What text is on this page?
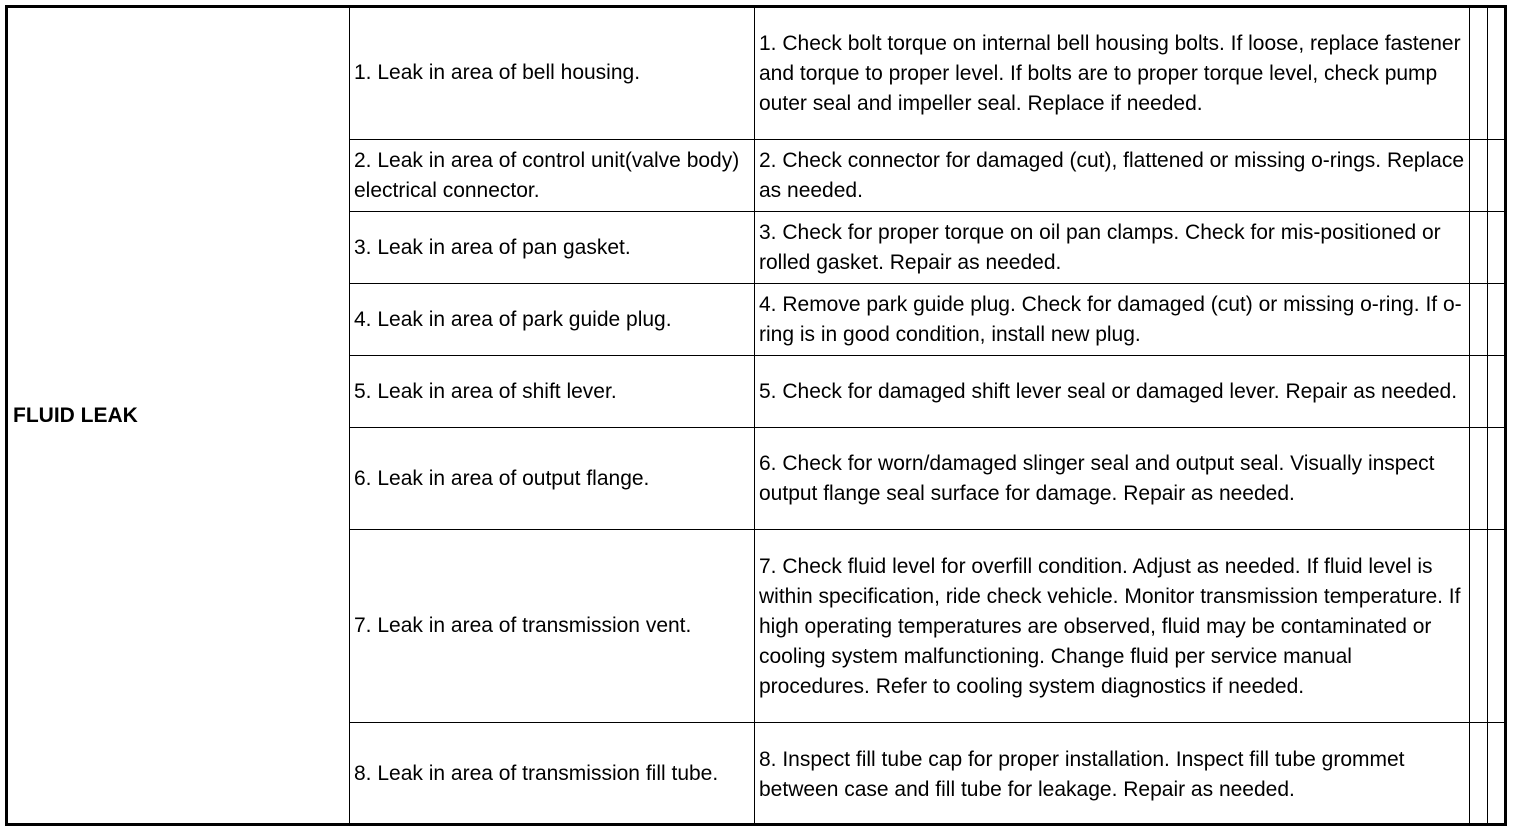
FLUID LEAK	1. Leak in area of bell housing.	1. Check bolt torque on internal bell housing bolts. If loose, replace fastener and torque to proper level. If bolts are to proper torque level, check pump outer seal and impeller seal. Replace if needed.		
	2. Leak in area of control unit(valve body) electrical connector.	2. Check connector for damaged (cut), flattened or missing o-rings. Replace as needed.		
	3. Leak in area of pan gasket.	3. Check for proper torque on oil pan clamps. Check for mis-positioned or rolled gasket. Repair as needed.		
	4. Leak in area of park guide plug.	4. Remove park guide plug. Check for damaged (cut) or missing o-ring. If o-ring is in good condition, install new plug.		
	5. Leak in area of shift lever.	5. Check for damaged shift lever seal or damaged lever. Repair as needed.		
	6. Leak in area of output flange.	6. Check for worn/damaged slinger seal and output seal. Visually inspect output flange seal surface for damage. Repair as needed.		
	7. Leak in area of transmission vent.	7. Check fluid level for overfill condition. Adjust as needed. If fluid level is within specification, ride check vehicle. Monitor transmission temperature. If high operating temperatures are observed, fluid may be contaminated or cooling system malfunctioning. Change fluid per service manual procedures. Refer to cooling system diagnostics if needed.		
	8. Leak in area of transmission fill tube.	8. Inspect fill tube cap for proper installation. Inspect fill tube grommet between case and fill tube for leakage. Repair as needed.		
